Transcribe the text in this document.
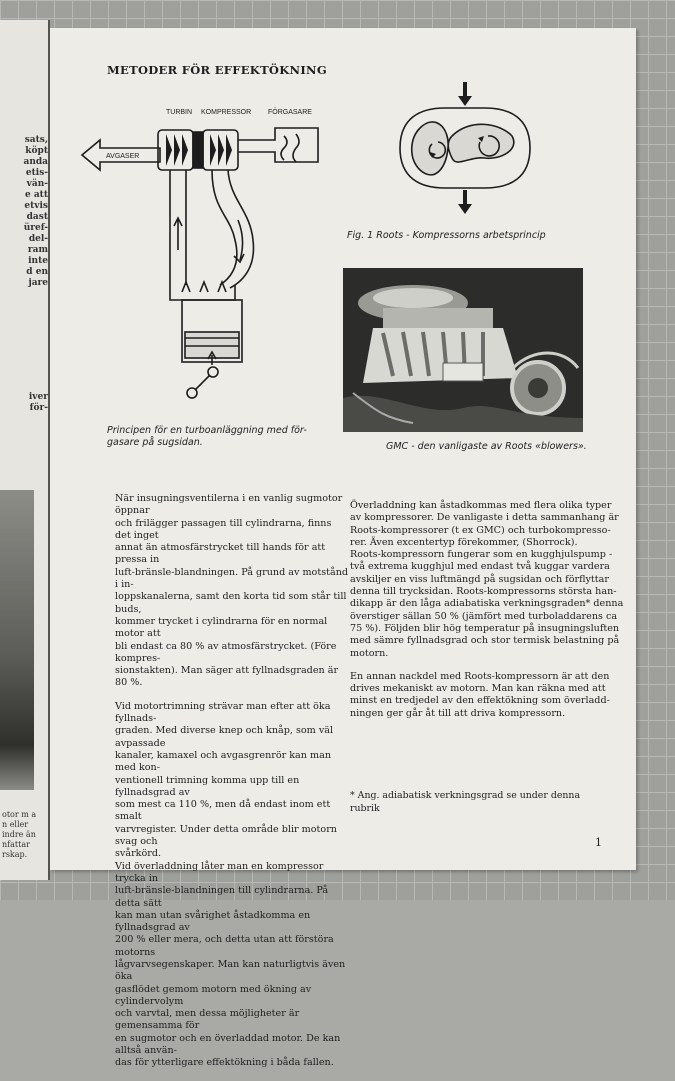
sats,
köpt
anda
etis-
vän-
e att
etvis
dast
üref-
del-
ram
inte
d en
jare
iver
för-
otor m a
n eller
indre än
nfattar
rskap.
METODER FÖR EFFEKTÖKNING
TURBIN KOMPRESSOR FÖRGASARE
AVGASER
Principen för en turboanläggning med för-
gasare på sugsidan.
Fig. 1 Roots - Kompressorns arbetsprincip
GMC - den vanligaste av Roots «blowers».

När insugningsventilerna i en vanlig sugmotor öppnar
och frilägger passagen till cylindrarna, finns det inget
annat än atmosfärstrycket till hands för att pressa in
luft-bränsle-blandningen. På grund av motstånd i in-
loppskanalerna, samt den korta tid som står till buds,
kommer trycket i cylindrarna för en normal motor att
bli endast ca 80 % av atmosfärstrycket. (Före kompres-
sionstakten). Man säger att fyllnadsgraden är 80 %.

Vid motortrimning strävar man efter att öka fyllnads-
graden. Med diverse knep och knåp, som väl avpassade
kanaler, kamaxel och avgasgrenrör kan man med kon-
ventionell trimning komma upp till en fyllnadsgrad av
som mest ca 110 %, men då endast inom ett smalt
varvregister. Under detta område blir motorn svag och
svårkörd.

Vid överladdning låter man en kompressor trycka in
luft-bränsle-blandningen till cylindrarna. På detta sätt
kan man utan svårighet åstadkomma en fyllnadsgrad av
200 % eller mera, och detta utan att förstöra motorns
lågvarvsegenskaper. Man kan naturligtvis även öka
gasflödet gemom motorn med ökning av cylindervolym
och varvtal, men dessa möjligheter är gemensamma för
en sugmotor och en överladdad motor. De kan alltså använ-
das för ytterligare effektökning i båda fallen.

Överladdning kan åstadkommas med flera olika typer
av kompressorer. De vanligaste i detta sammanhang är
Roots-kompressorer (t ex GMC) och turbokompresso-
rer. Även excentertyp förekommer, (Shorrock).
Roots-kompressorn fungerar som en kugghjulspump -
två extrema kugghjul med endast två kuggar vardera
avskiljer en viss luftmängd på sugsidan och förflyttar
denna till trycksidan. Roots-kompressorns största han-
dikapp är den låga adiabatiska verkningsgraden* denna
överstiger sällan 50 % (jämfört med turboladdarens ca
75 %). Följden blir hög temperatur på insugningsluften
med sämre fyllnadsgrad och stor termisk belastning på
motorn.

En annan nackdel med Roots-kompressorn är att den
drives mekaniskt av motorn. Man kan räkna med att
minst en tredjedel av den effektökning som överladd-
ningen ger går åt till att driva kompressorn.

* Ang. adiabatisk verkningsgrad se under denna
rubrik
1
